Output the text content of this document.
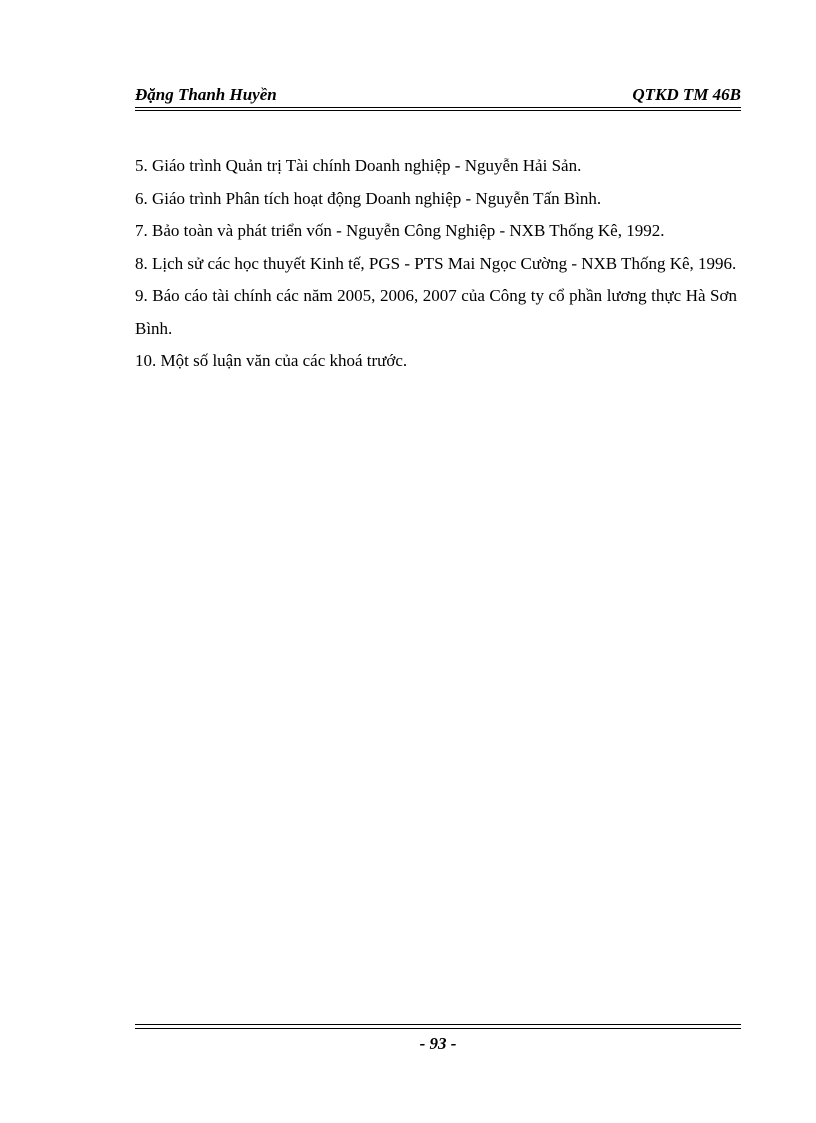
Đặng Thanh Huyền	QTKD TM 46B

5. Giáo trình Quản trị Tài chính Doanh nghiệp - Nguyễn Hải Sản.

6. Giáo trình Phân tích hoạt động Doanh nghiệp - Nguyễn Tấn Bình.

7. Bảo toàn và phát triển vốn - Nguyễn Công Nghiệp - NXB Thống Kê, 1992.

8. Lịch sử các học thuyết Kinh tế, PGS - PTS Mai Ngọc Cường - NXB Thống Kê, 1996.

9. Báo cáo tài chính các năm 2005, 2006, 2007 của Công ty cổ phần lương thực Hà Sơn Bình.

10. Một số luận văn của các khoá trước.

- 93 -
